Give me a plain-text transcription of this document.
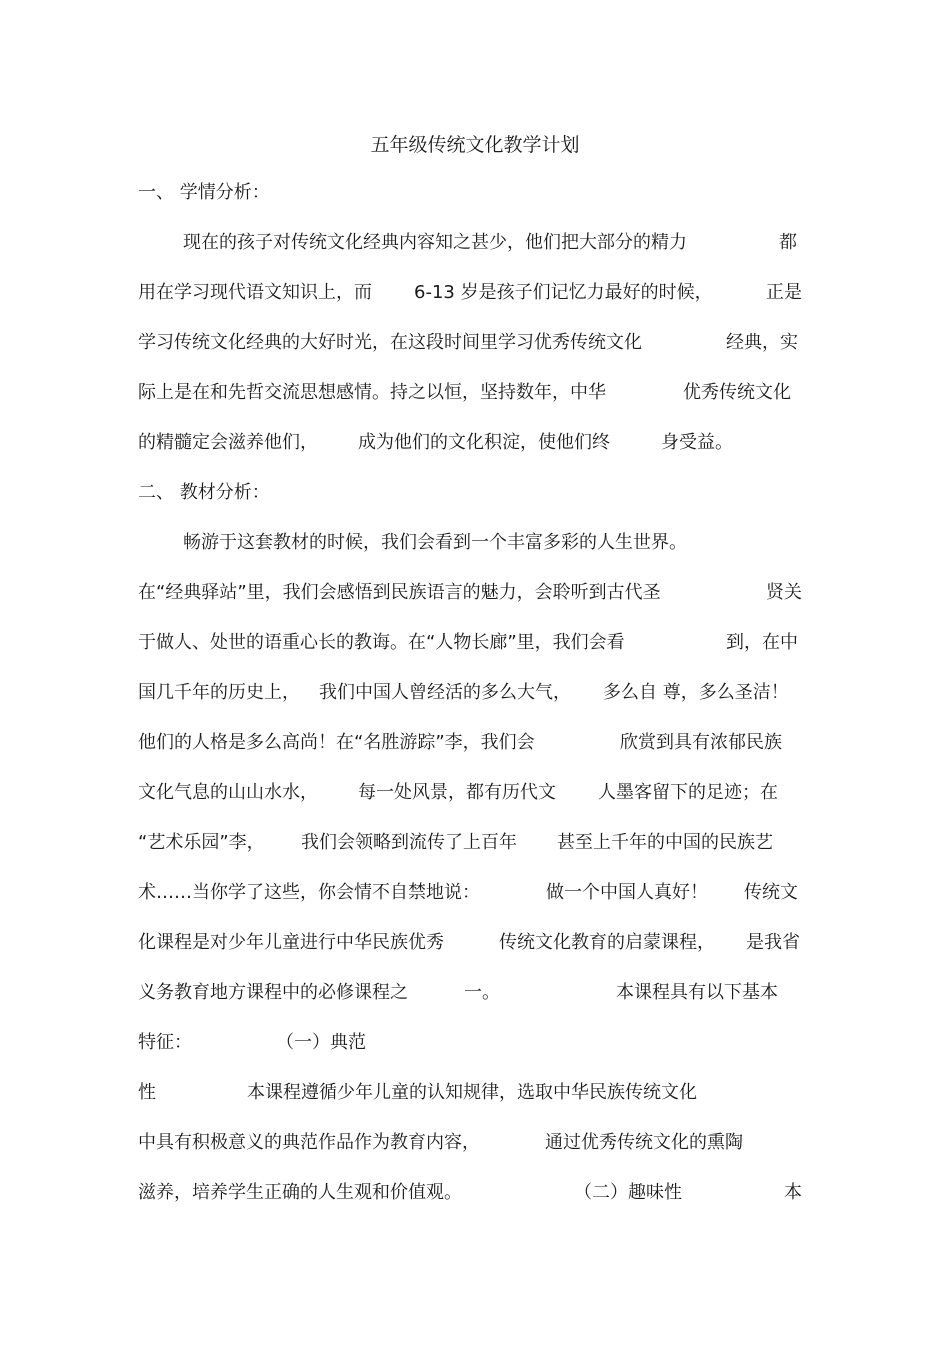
五年级传统文化教学计划
一、 学情分析：
现在的孩子对传统文化经典内容知之甚少，他们把大部分的精力	都
用在学习现代语文知识上，而 6-13 岁是孩子们记忆力最好的时候，	正是
学习传统文化经典的大好时光，在这段时间里学习优秀传统文化	经典，实
际上是在和先哲交流思想感情。持之以恒，坚持数年，中华	优秀传统文化
的精髓定会滋养他们， 成为他们的文化积淀，使他们终	身受益。
二、 教材分析：
畅游于这套教材的时候，我们会看到一个丰富多彩的人生世界。
在“经典驿站”里，我们会感悟到民族语言的魅力，会聆听到古代圣	贤关
于做人、处世的语重心长的教诲。在“人物长廊”里，我们会看	到，在中
国几千年的历史上， 我们中国人曾经活的多么大气， 多么自 尊，多么圣洁！
他们的人格是多么高尚！在“名胜游踪”李，我们会	欣赏到具有浓郁民族
文化气息的山山水水， 每一处风景，都有历代文 人墨客留下的足迹；在
“艺术乐园”李， 我们会领略到流传了上百年 甚至上千年的中国的民族艺
术……当你学了这些，你会情不自禁地说：	做一个中国人真好！ 传统文
化课程是对少年儿童进行中华民族优秀	传统文化教育的启蒙课程， 是我省
义务教育地方课程中的必修课程之	一。	本课程具有以下基本
特征：	（一）典范
性	本课程遵循少年儿童的认知规律，选取中华民族传统文化
中具有积极意义的典范作品作为教育内容，	通过优秀传统文化的熏陶
滋养，培养学生正确的人生观和价值观。	（二）趣味性	本
